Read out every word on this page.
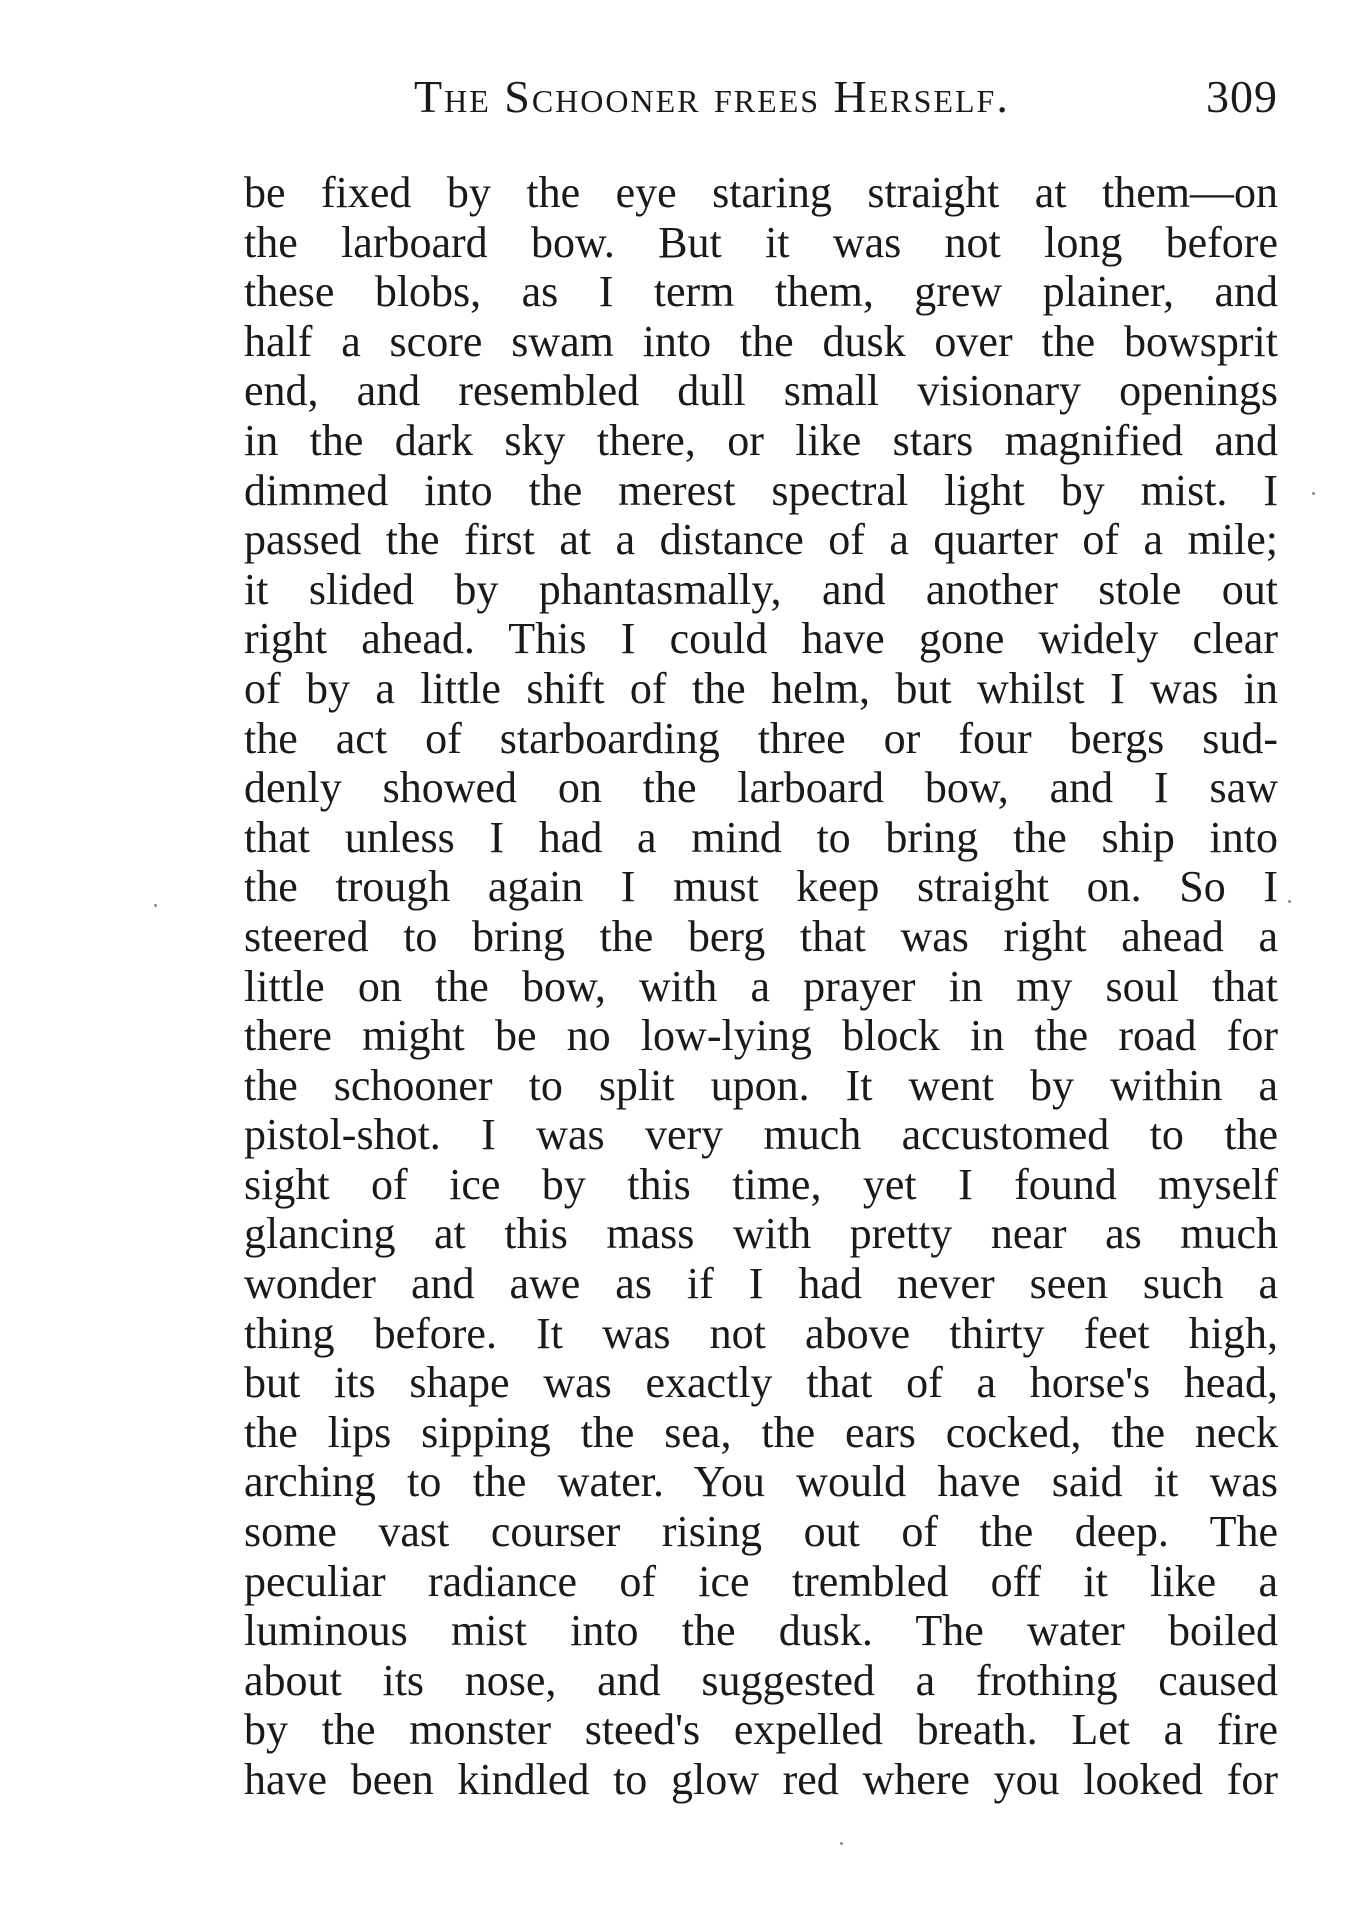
The Schooner frees Herself.	309
be fixed by the eye staring straight at them—on
the larboard bow. But it was not long before
these blobs, as I term them, grew plainer, and
half a score swam into the dusk over the bowsprit
end, and resembled dull small visionary openings
in the dark sky there, or like stars magnified and
dimmed into the merest spectral light by mist. I
passed the first at a distance of a quarter of a mile;
it slided by phantasmally, and another stole out
right ahead. This I could have gone widely clear
of by a little shift of the helm, but whilst I was in
the act of starboarding three or four bergs sud-
denly showed on the larboard bow, and I saw
that unless I had a mind to bring the ship into
the trough again I must keep straight on. So I
steered to bring the berg that was right ahead a
little on the bow, with a prayer in my soul that
there might be no low-lying block in the road for
the schooner to split upon. It went by within a
pistol-shot. I was very much accustomed to the
sight of ice by this time, yet I found myself
glancing at this mass with pretty near as much
wonder and awe as if I had never seen such a
thing before. It was not above thirty feet high,
but its shape was exactly that of a horse's head,
the lips sipping the sea, the ears cocked, the neck
arching to the water. You would have said it was
some vast courser rising out of the deep. The
peculiar radiance of ice trembled off it like a
luminous mist into the dusk. The water boiled
about its nose, and suggested a frothing caused
by the monster steed's expelled breath. Let a fire
have been kindled to glow red where you looked for
